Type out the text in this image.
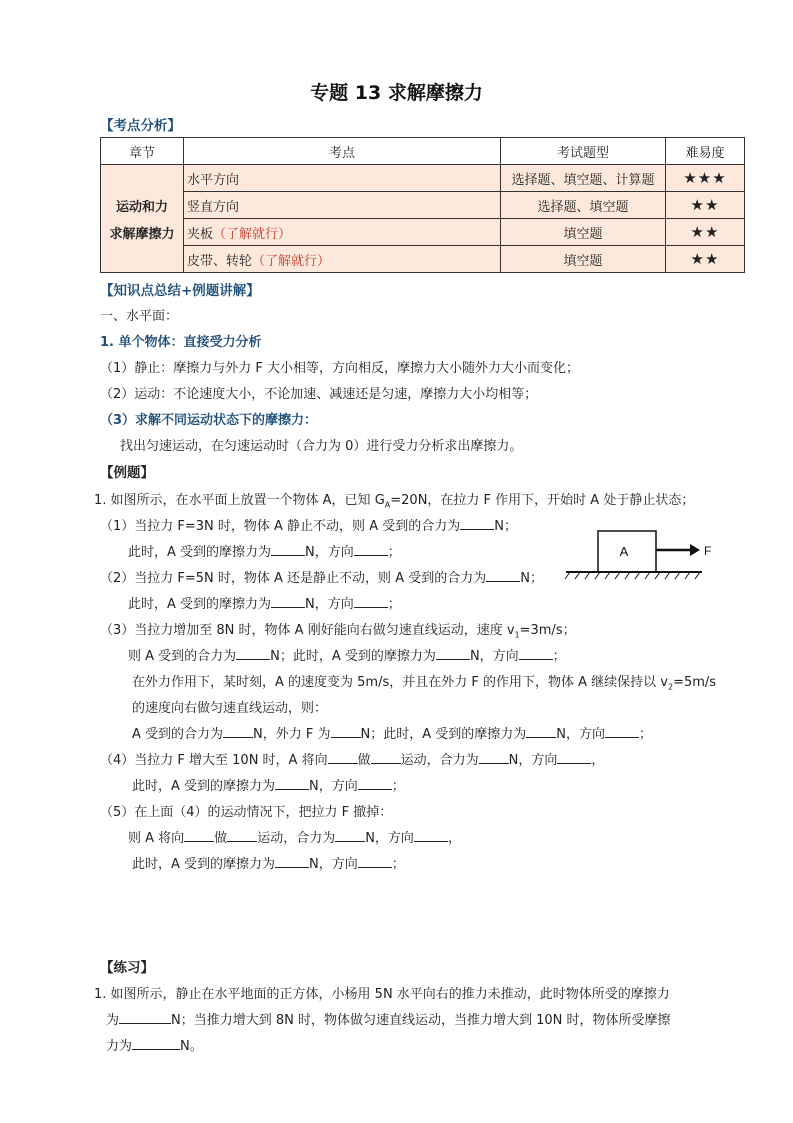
专题 13 求解摩擦力
【考点分析】
章节	考点	考试题型	难易度

运动和力
求解摩擦力	水平方向	选择题、填空题、计算题	★★★
	竖直方向	选择题、填空题	★★
	夹板（了解就行）	填空题	★★
	皮带、转轮（了解就行）	填空题	★★
【知识点总结+例题讲解】
一、水平面：
1. 单个物体：直接受力分析
（1）静止：摩擦力与外力 F 大小相等，方向相反，摩擦力大小随外力大小而变化；
（2）运动：不论速度大小，不论加速、减速还是匀速，摩擦力大小均相等；
（3）求解不同运动状态下的摩擦力：
找出匀速运动，在匀速运动时（合力为 0）进行受力分析求出摩擦力。
【例题】
1. 如图所示，在水平面上放置一个物体 A，已知 $G_A=20N$，在拉力 F 作用下，开始时 A 处于静止状态；
（1）当拉力 F=3N 时，物体 A 静止不动，则 A 受到的合力为	N；
此时，A 受到的摩擦力为	N，方向	；
（2）当拉力 F=5N 时，物体 A 还是静止不动，则 A 受到的合力为	N；
此时，A 受到的摩擦力为	N，方向	；
A	F
（3）当拉力增加至 8N 时，物体 A 刚好能向右做匀速直线运动，速度 $v_1=3m/s$；
则 A 受到的合力为	N；此时，A 受到的摩擦力为	N，方向	；
在外力作用下，某时刻，A 的速度变为 5m/s，并且在外力 F 的作用下，物体 A 继续保持以 $v_2=5m/s$
的速度向右做匀速直线运动，则：
A 受到的合力为 N，外力 F 为 N；此时，A 受到的摩擦力为 N，方向	；
（4）当拉力 F 增大至 10N 时，A 将向 做 运动，合力为 N，方向	，
此时，A 受到的摩擦力为	N，方向	；
（5）在上面（4）的运动情况下，把拉力 F 撤掉：
则 A 将向 做 运动，合力为 N，方向	，
此时，A 受到的摩擦力为	N，方向	；
【练习】
1. 如图所示，静止在水平地面的正方体，小杨用 5N 水平向右的推力未推动，此时物体所受的摩擦力
为	N；当推力增大到 8N 时，物体做匀速直线运动，当推力增大到 10N 时，物体所受摩擦
力为	N。
